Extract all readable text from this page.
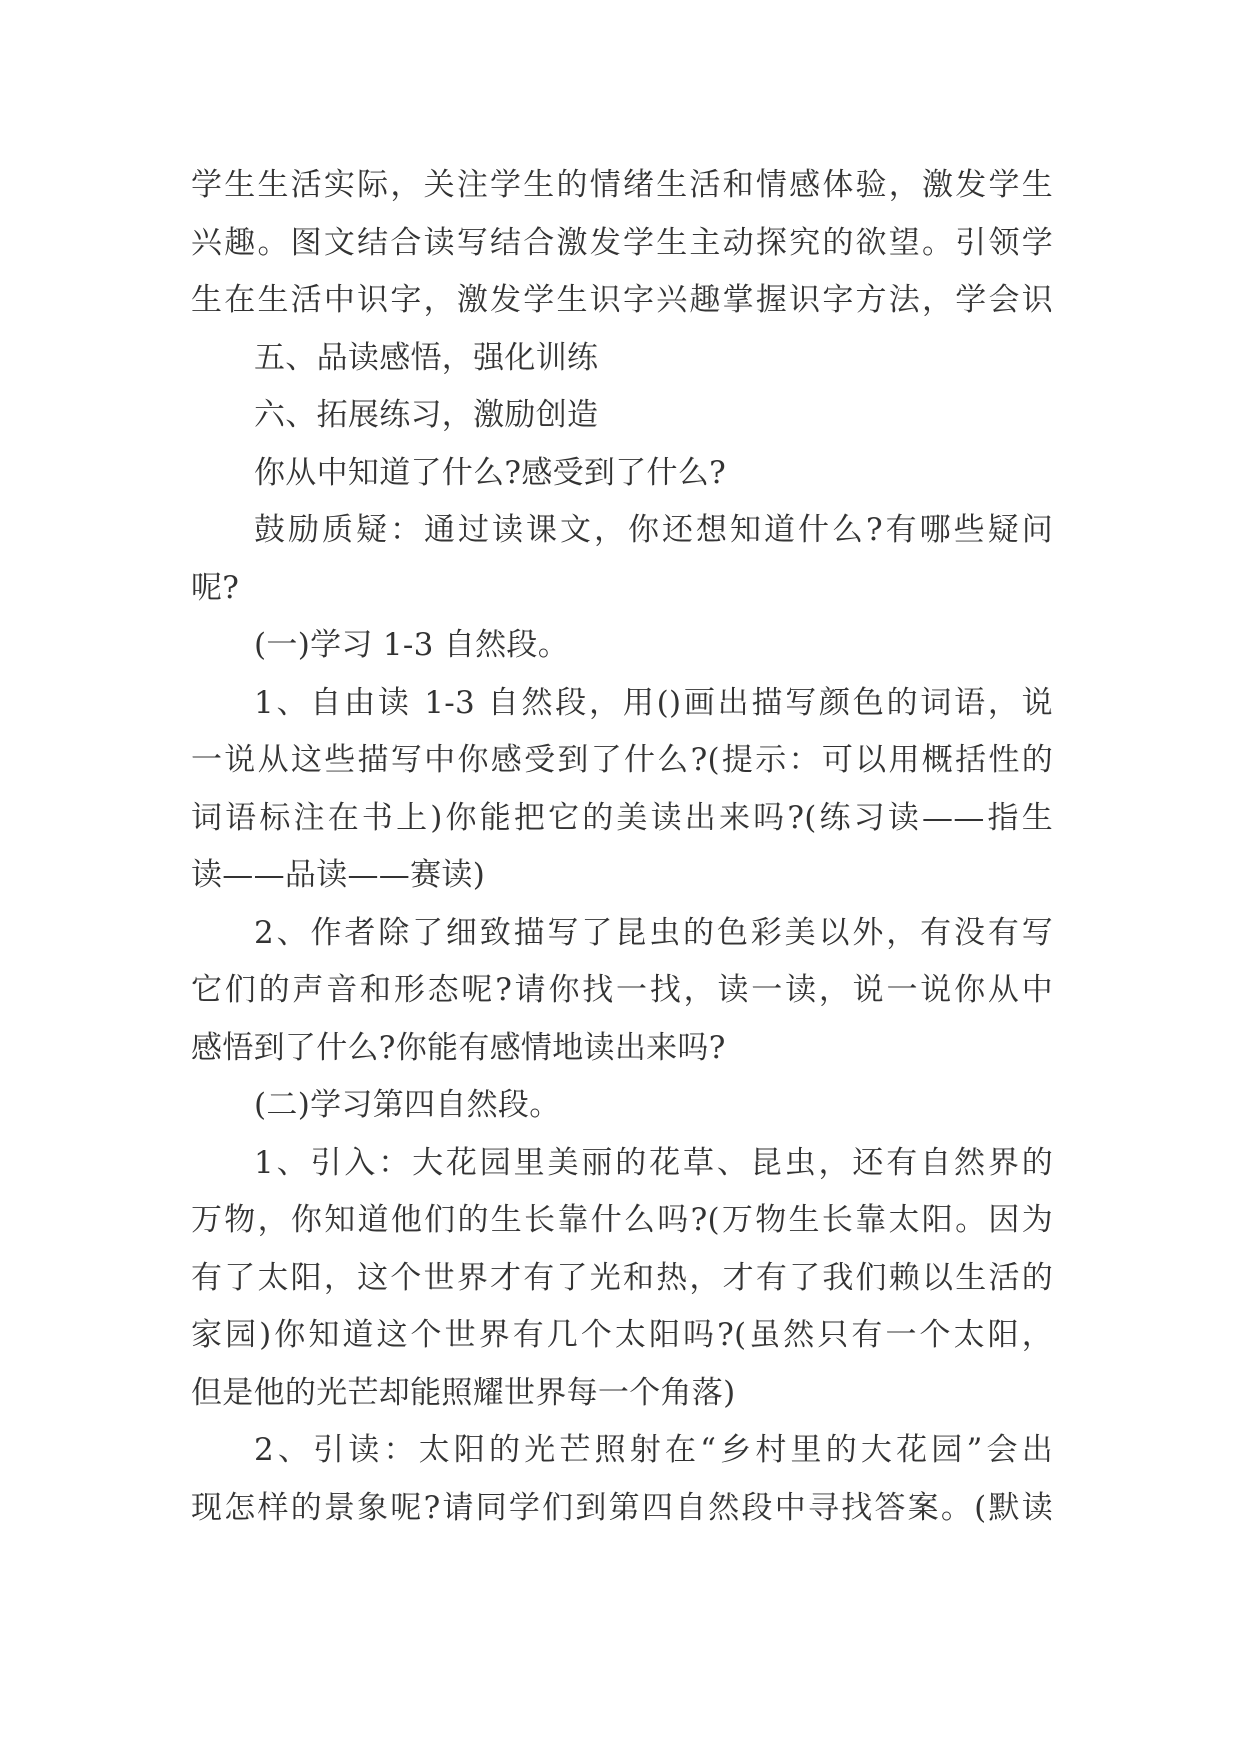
学生生活实际，关注学生的情绪生活和情感体验，激发学生
兴趣。图文结合读写结合激发学生主动探究的欲望。引领学
生在生活中识字，激发学生识字兴趣掌握识字方法，学会识
五、品读感悟，强化训练
六、拓展练习，激励创造
你从中知道了什么?感受到了什么?
鼓励质疑：通过读课文，你还想知道什么?有哪些疑问
呢?
(一)学习 1-3 自然段。
1、自由读 1-3 自然段，用()画出描写颜色的词语，说
一说从这些描写中你感受到了什么?(提示：可以用概括性的
词语标注在书上)你能把它的美读出来吗?(练习读——指生
读——品读——赛读)
2、作者除了细致描写了昆虫的色彩美以外，有没有写
它们的声音和形态呢?请你找一找，读一读，说一说你从中
感悟到了什么?你能有感情地读出来吗?
(二)学习第四自然段。
1、引入：大花园里美丽的花草、昆虫，还有自然界的
万物，你知道他们的生长靠什么吗?(万物生长靠太阳。因为
有了太阳，这个世界才有了光和热，才有了我们赖以生活的
家园)你知道这个世界有几个太阳吗?(虽然只有一个太阳，
但是他的光芒却能照耀世界每一个角落)
2、引读：太阳的光芒照射在“乡村里的大花园”会出
现怎样的景象呢?请同学们到第四自然段中寻找答案。(默读
